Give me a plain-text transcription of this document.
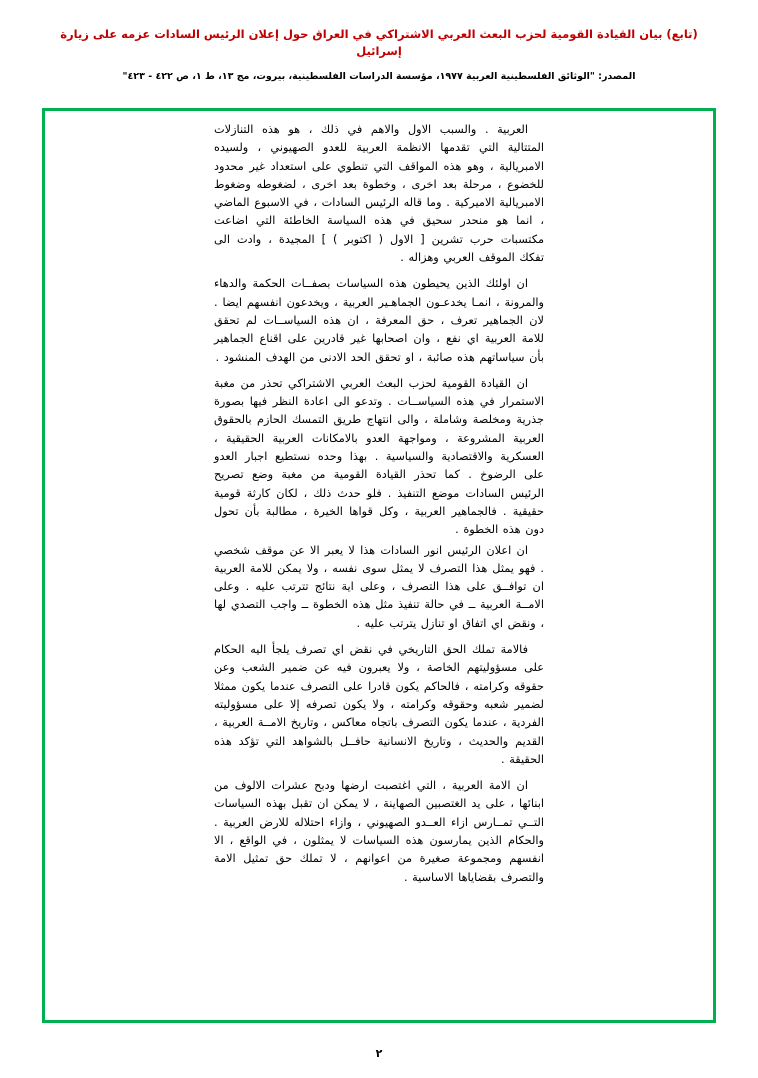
(تابع) بيان القيادة القومية لحزب البعث العربي الاشتراكي في العراق حول إعلان الرئيس السادات عزمه على زيارة إسرائيل
المصدر: "الوثائق الفلسطينية العربية ١٩٧٧، مؤسسة الدراسات الفلسطينية، بيروت، مج ١٣، ط ١، ص ٤٢٢ - ٤٢٣"

العربية . والسبب الاول والاهم في ذلك ، هو هذه التنازلات المتتالية التي تقدمها الانظمة العربية للعدو الصهيوني ، ولسيده الامبريالية ، وهو هذه المواقف التي تنطوي على استعداد غير محدود للخضوع ، مرحلة بعد اخرى ، وخطوة بعد اخرى ، لضغوطه وضغوط الامبريالية الاميركية . وما قاله الرئيس السادات ، في الاسبوع الماضي ، انما هو منحدر سحيق في هذه السياسة الخاطئة التي اضاعت مكتسبات حرب تشرين [ الاول ( اكتوبر ) ] المجيدة ، وادت الى تفكك الموقف العربي وهزاله .

ان اولئك الذين يحيطون هذه السياسات بصفــات الحكمة والدهاء والمرونة ، انمـا يخدعـون الجماهـير العربية ، ويخدعون انفسهم ايضا . لان الجماهير تعرف ، حق المعرفة ، ان هذه السياســات لم تحقق للامة العربية اي نفع ، وان اصحابها غير قادرين على اقناع الجماهير بأن سياساتهم هذه صائبة ، او تحقق الحد الادنى من الهدف المنشود .

ان القيادة القومية لحزب البعث العربي الاشتراكي تحذر من مغبة الاستمرار في هذه السياســات . وتدعو الى اعادة النظر فيها بصورة جذرية ومخلصة وشاملة ، والى انتهاج طريق التمسك الحازم بالحقوق العربية المشروعة ، ومواجهة العدو بالامكانات العربية الحقيقية ، العسكرية والاقتصادية والسياسية . بهذا وحده نستطيع اجبار العدو على الرضوخ . كما تحذر القيادة القومية من مغبة وضع تصريح الرئيس السادات موضع التنفيذ . فلو حدث ذلك ، لكان كارثة قومية حقيقية . فالجماهير العربية ، وكل قواها الخيرة ، مطالبة بأن تحول دون هذه الخطوة .

ان اعلان الرئيس انور السادات هذا لا يعبر الا عن موقف شخصي . فهو يمثل هذا التصرف لا يمثل سوى نفسه ، ولا يمكن للامة العربية ان توافــق على هذا التصرف ، وعلى اية نتائج تترتب عليه . وعلى الامــة العربية ــ في حالة تنفيذ مثل هذه الخطوة ــ واجب التصدي لها ، ونقض اي اتفاق او تنازل يترتب عليه .

فالامة تملك الحق التاريخي في نقض اي تصرف يلجأ اليه الحكام على مسؤوليتهم الخاصة ، ولا يعبرون فيه عن ضمير الشعب وعن حقوقه وكرامته ، فالحاكم يكون قادرا على التصرف عندما يكون ممثلا لضمير شعبه وحقوقه وكرامته ، ولا يكون تصرفه إلا على مسؤوليته الفردية ، عندما يكون التصرف باتجاه معاكس ، وتاريخ الامــة العربية ، القديم والحديث ، وتاريخ الانسانية حافــل بالشواهد التي تؤكد هذه الحقيقة .

ان الامة العربية ، التي اغتصبت ارضها ودبح عشرات الالوف من ابنائها ، على يد الغتصبين الصهاينة ، لا يمكن ان تقبل بهذه السياسات التــي تمــارس ازاء العــدو الصهيوني ، وازاء احتلاله للارض العربية . والحكام الذين يمارسون هذه السياسات لا يمثلون ، في الواقع ، الا انفسهم ومجموعة صغيرة من اعوانهم ، لا تملك حق تمثيل الامة والتصرف بقضاياها الاساسية .

٢
